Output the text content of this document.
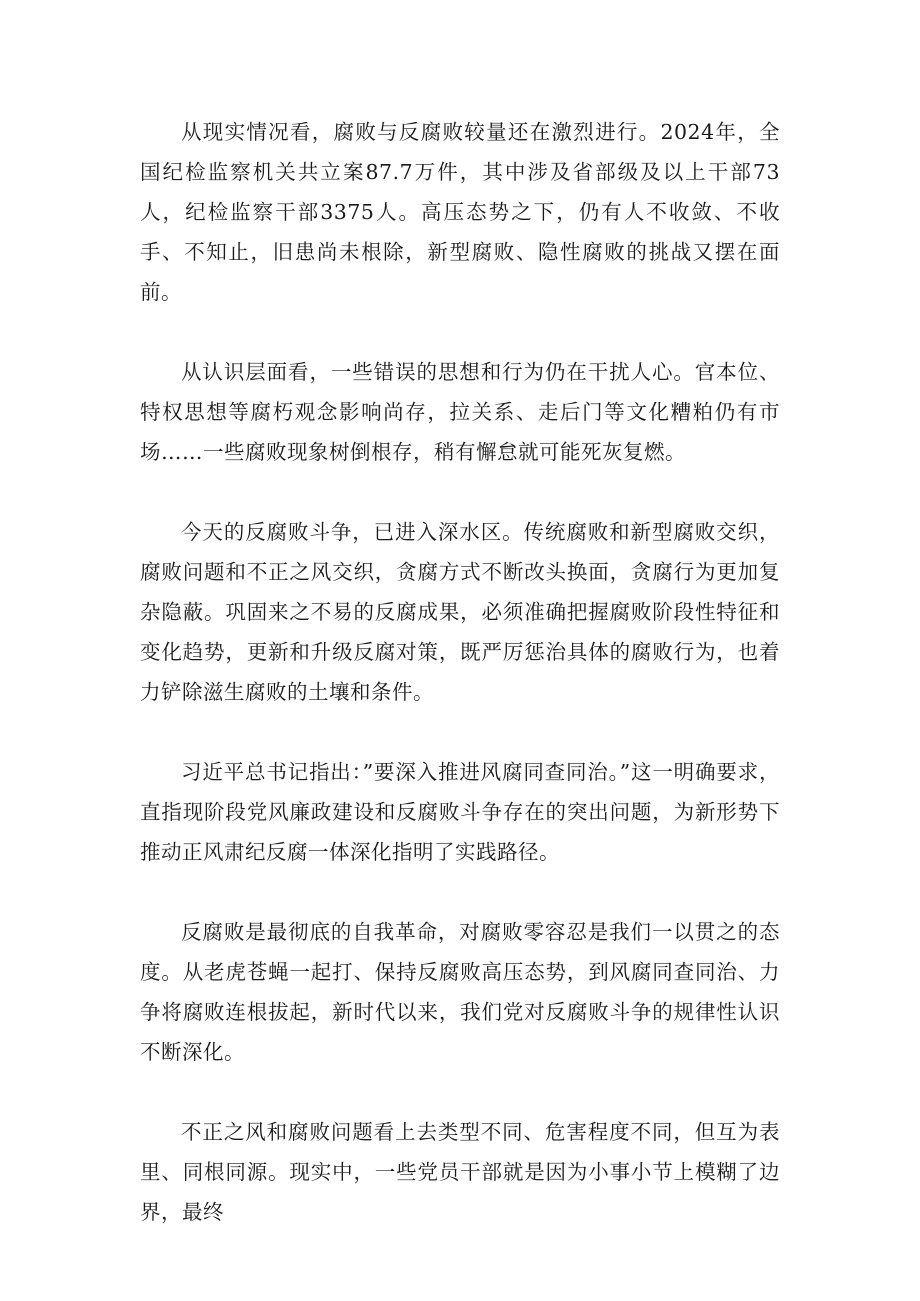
从现实情况看，腐败与反腐败较量还在激烈进行。2024年，全国纪检监察机关共立案87.7万件，其中涉及省部级及以上干部73人，纪检监察干部3375人。高压态势之下，仍有人不收敛、不收手、不知止，旧患尚未根除，新型腐败、隐性腐败的挑战又摆在面前。

从认识层面看，一些错误的思想和行为仍在干扰人心。官本位、特权思想等腐朽观念影响尚存，拉关系、走后门等文化糟粕仍有市场……一些腐败现象树倒根存，稍有懈怠就可能死灰复燃。

今天的反腐败斗争，已进入深水区。传统腐败和新型腐败交织，腐败问题和不正之风交织，贪腐方式不断改头换面，贪腐行为更加复杂隐蔽。巩固来之不易的反腐成果，必须准确把握腐败阶段性特征和变化趋势，更新和升级反腐对策，既严厉惩治具体的腐败行为，也着力铲除滋生腐败的土壤和条件。

习近平总书记指出：”要深入推进风腐同查同治。”这一明确要求，直指现阶段党风廉政建设和反腐败斗争存在的突出问题，为新形势下推动正风肃纪反腐一体深化指明了实践路径。

反腐败是最彻底的自我革命，对腐败零容忍是我们一以贯之的态度。从老虎苍蝇一起打、保持反腐败高压态势，到风腐同查同治、力争将腐败连根拔起，新时代以来，我们党对反腐败斗争的规律性认识不断深化。

不正之风和腐败问题看上去类型不同、危害程度不同，但互为表里、同根同源。现实中，一些党员干部就是因为小事小节上模糊了边界，最终
